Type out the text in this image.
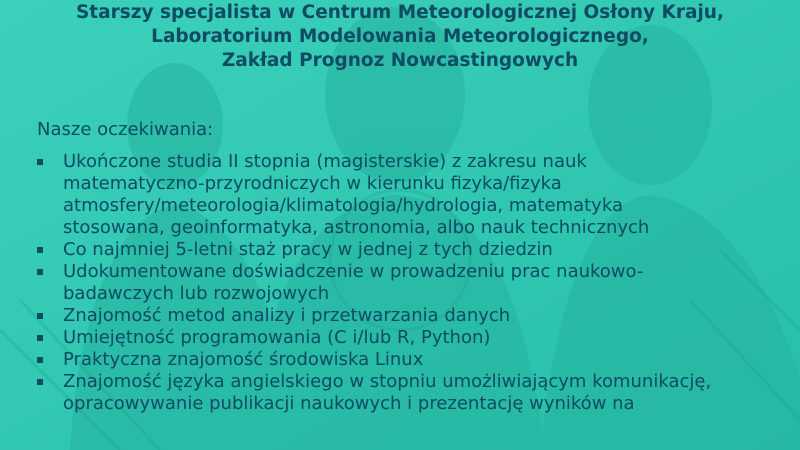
Starszy specjalista w Centrum Meteorologicznej Osłony Kraju,
Laboratorium Modelowania Meteorologicznego,
Zakład Prognoz Nowcastingowych
Nasze oczekiwania:
Ukończone studia II stopnia (magisterskie) z zakresu nauk
matematyczno-przyrodniczych w kierunku fizyka/fizyka
atmosfery/meteorologia/klimatologia/hydrologia, matematyka
stosowana, geoinformatyka, astronomia, albo nauk technicznych
Co najmniej 5-letni staż pracy w jednej z tych dziedzin
Udokumentowane doświadczenie w prowadzeniu prac naukowo-
badawczych lub rozwojowych
Znajomość metod analizy i przetwarzania danych
Umiejętność programowania (C i/lub R, Python)
Praktyczna znajomość środowiska Linux
Znajomość języka angielskiego w stopniu umożliwiającym komunikację,
opracowywanie publikacji naukowych i prezentację wyników na
